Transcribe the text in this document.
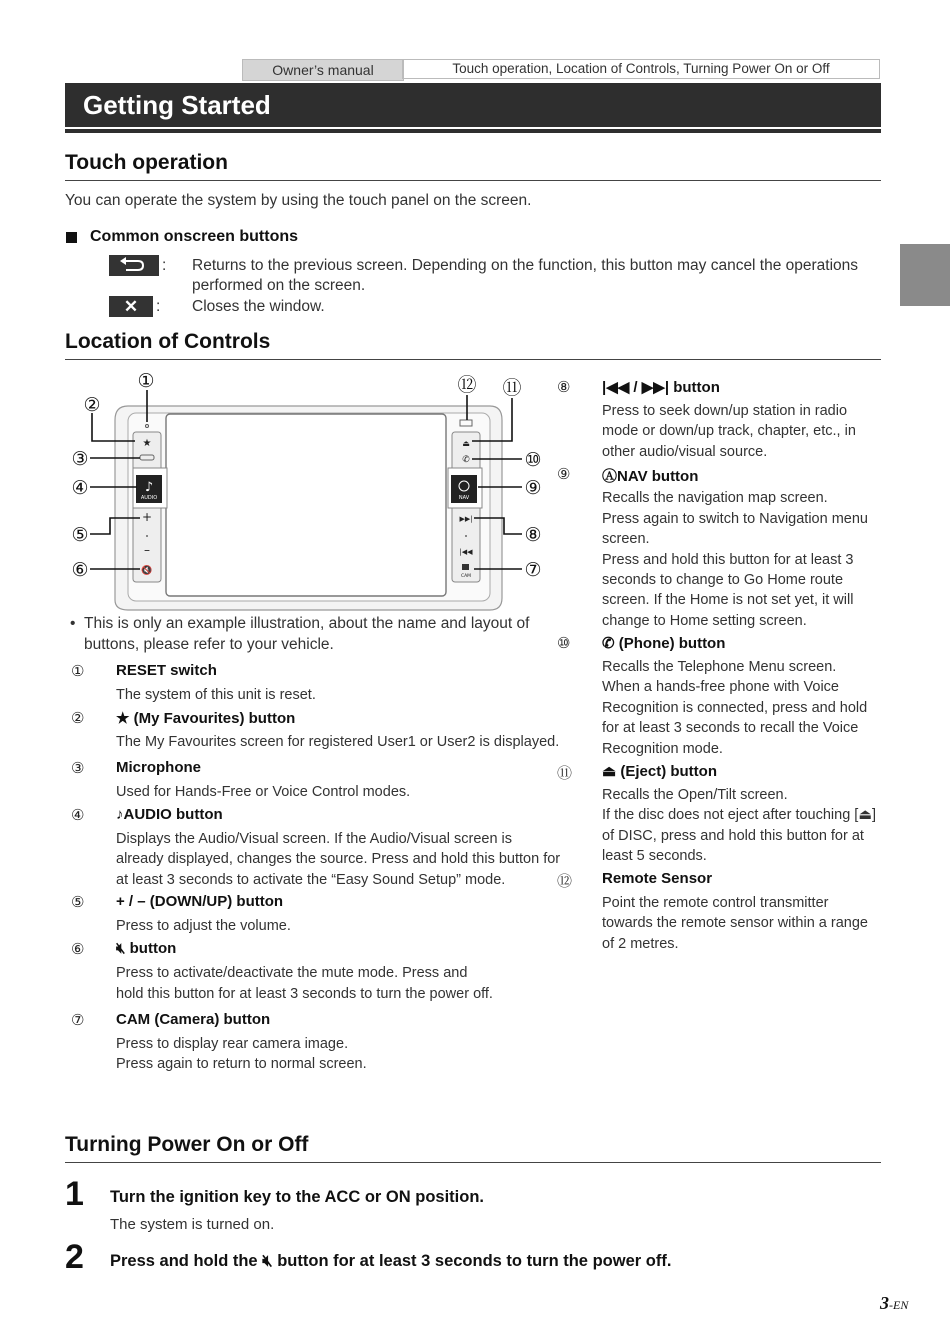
Owner’s manual	Touch operation, Location of Controls, Turning Power On or Off
Getting Started
Touch operation
You can operate the system by using the touch panel on the screen.
Common onscreen buttons
: Returns to the previous screen. Depending on the function, this button may cancel the operations
performed on the screen.
✕	: Closes the window.
Location of Controls
★
♪
AUDIO
+
–
🔇
⏏
✆
NAV
▶▶|
|◀◀
CAM
①
②
③
④
⑤
⑥	⑦
⑧
⑨
⑩
⑪
⑫
• This is only an example illustration, about the name and layout of
buttons, please refer to your vehicle.
① RESET switch
The system of this unit is reset.
② ★ (My Favourites) button
The My Favourites screen for registered User1 or User2 is displayed.
③ Microphone
Used for Hands-Free or Voice Control modes.
④ ♪AUDIO button
Displays the Audio/Visual screen. If the Audio/Visual screen is
already displayed, changes the source. Press and hold this button for
at least 3 seconds to activate the “Easy Sound Setup” mode.
⑤ + / – (DOWN/UP) button
Press to adjust the volume.
⑥ 🔇︎ button
Press to activate/deactivate the mute mode. Press and
hold this button for at least 3 seconds to turn the power off.
⑦ CAM (Camera) button
Press to display rear camera image.
Press again to return to normal screen.
⑧ |◀◀ / ▶▶| button
Press to seek down/up station in radio
mode or down/up track, chapter, etc., in
other audio/visual source.
⑨ ⒶNAV button
Recalls the navigation map screen.
Press again to switch to Navigation menu
screen.
Press and hold this button for at least 3
seconds to change to Go Home route
screen. If the Home is not set yet, it will
change to Home setting screen.
⑩ ✆ (Phone) button
Recalls the Telephone Menu screen.
When a hands-free phone with Voice
Recognition is connected, press and hold
for at least 3 seconds to recall the Voice
Recognition mode.
⑪ ⏏ (Eject) button
Recalls the Open/Tilt screen.
If the disc does not eject after touching [⏏]
of DISC, press and hold this button for at
least 5 seconds.
⑫ Remote Sensor
Point the remote control transmitter
towards the remote sensor within a range
of 2 metres.
Turning Power On or Off
1 Turn the ignition key to the ACC or ON position.
The system is turned on.
2 Press and hold the 🔇︎ button for at least 3 seconds to turn the power off.
3-EN
